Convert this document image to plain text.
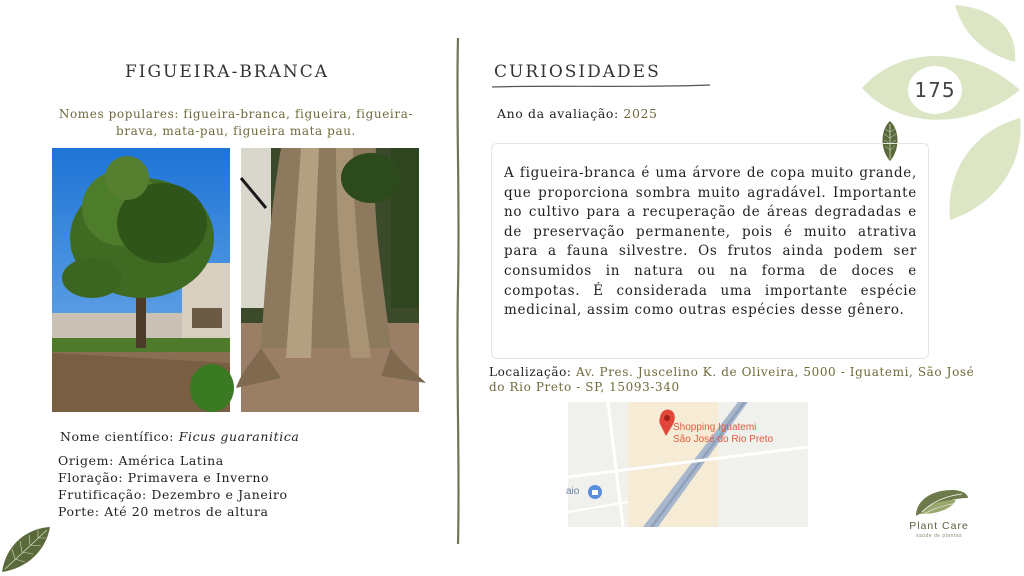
175
FIGUEIRA-BRANCA
Nomes populares: figueira-branca, figueira, figueira-brava, mata-pau, figueira mata pau.
Nome científico: Ficus guaranitica
Origem: América Latina
Floração: Primavera e Inverno
Frutificação: Dezembro e Janeiro
Porte: Até 20 metros de altura
CURIOSIDADES
Ano da avaliação: 2025
A figueira-branca é uma árvore de copa muito grande, que proporciona sombra muito agradável. Importante no cultivo para a recuperação de áreas degradadas e de preservação permanente, pois é muito atrativa para a fauna silvestre. Os frutos ainda podem ser consumidos in natura ou na forma de doces e compotas. É considerada uma importante espécie medicinal, assim como outras espécies desse gênero.
Localização: Av. Pres. Juscelino K. de Oliveira, 5000 - Iguatemi, São José do Rio Preto - SP, 15093-340
Shopping Iguatemi
São José do Rio Preto
aio
Plant Care
saúde de plantas
